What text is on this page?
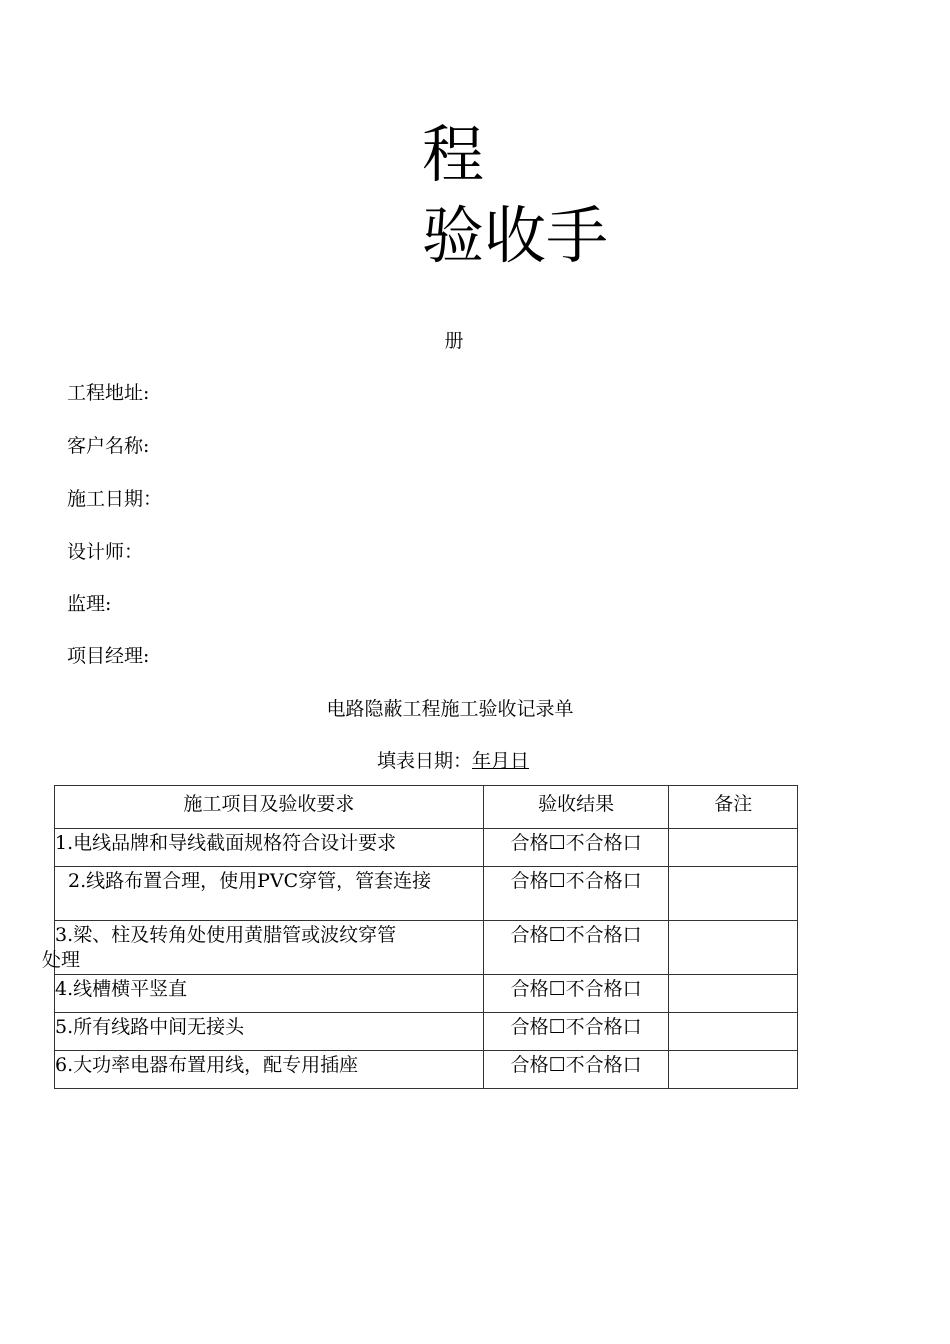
程
验收手
册
工程地址:
客户名称:
施工日期：
设计师：
监理:
项目经理:
电路隐蔽工程施工验收记录单
填表日期：年月日
施工项目及验收要求	验收结果	备注
1.电线品牌和导线截面规格符合设计要求	合格☐不合格口	
2.线路布置合理，使用PVC穿管，管套连接	合格☐不合格口	

3.梁、柱及转角处使用黄腊管或波纹穿管
处理	合格☐不合格口	
4.线槽横平竖直	合格☐不合格口	
5.所有线路中间无接头	合格☐不合格口	
6.大功率电器布置用线，配专用插座	合格☐不合格口	
